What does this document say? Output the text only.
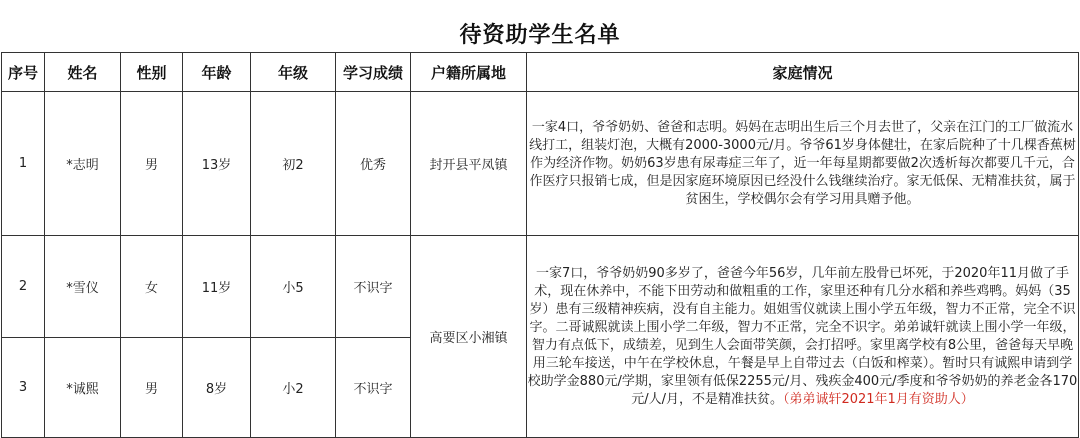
待资助学生名单
序号	姓名	性别	年龄	年级	学习成绩	户籍所属地	家庭情况
1	*志明	男	13岁	初2	优秀	封开县平凤镇	一家4口，爷爷奶奶、爸爸和志明。妈妈在志明出生后三个月去世了，父亲在江门的工厂做流水线打工，组装灯泡，大概有2000-3000元/月。爷爷61岁身体健壮，在家后院种了十几棵香蕉树作为经济作物。奶奶63岁患有尿毒症三年了，近一年每星期都要做2次透析每次都要几千元，合作医疗只报销七成，但是因家庭环境原因已经没什么钱继续治疗。家无低保、无精准扶贫，属于贫困生，学校偶尔会有学习用具赠予他。
2	*雪仪	女	11岁	小5	不识字	高要区小湘镇	一家7口，爷爷奶奶90多岁了，爸爸今年56岁，几年前左股骨已坏死，于2020年11月做了手术，现在休养中，不能下田劳动和做粗重的工作，家里还种有几分水稻和养些鸡鸭。妈妈（35岁）患有三级精神疾病，没有自主能力。姐姐雪仪就读上围小学五年级，智力不正常，完全不识字。二哥诚熙就读上围小学二年级，智力不正常，完全不识字。弟弟诚轩就读上围小学一年级，智力有点低下，成绩差，见到生人会面带笑颜，会打招呼。家里离学校有8公里，爸爸每天早晚用三轮车接送，中午在学校休息，午餐是早上自带过去（白饭和榨菜）。暂时只有诚熙申请到学校助学金880元/学期，家里领有低保2255元/月、残疾金400元/季度和爷爷奶奶的养老金各170元/人/月，不是精准扶贫。（弟弟诚轩2021年1月有资助人）
3	*诚熙	男	8岁	小2	不识字		
